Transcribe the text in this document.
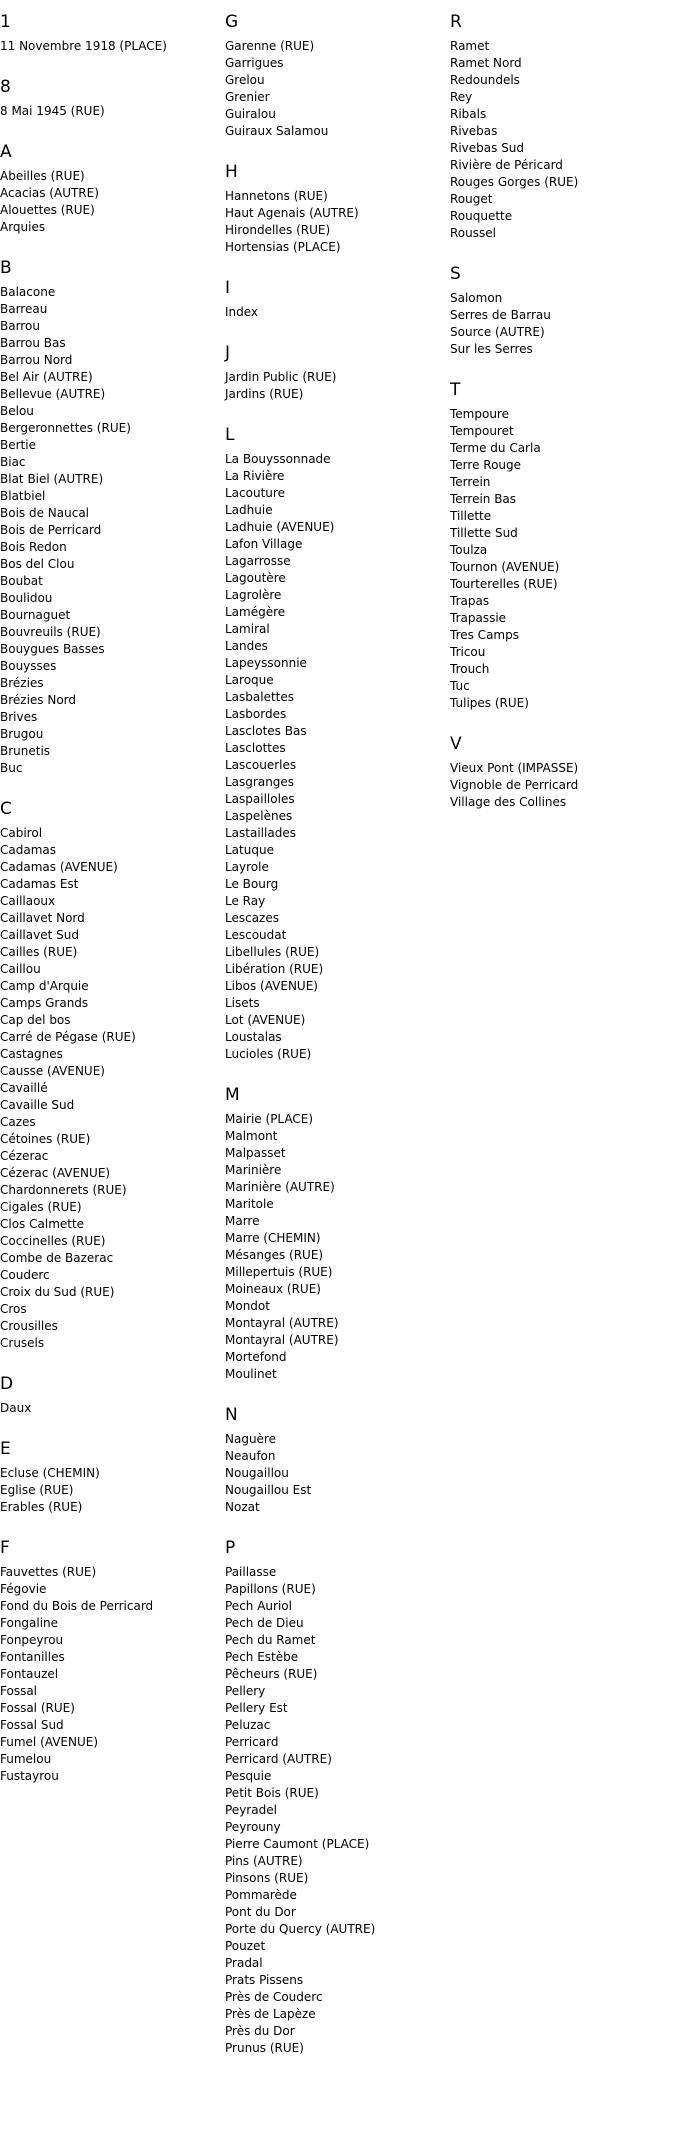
1
11 Novembre 1918 (PLACE)
8
8 Mai 1945 (RUE)
A
Abeilles (RUE)
Acacias (AUTRE)
Alouettes (RUE)
Arquies
B
Balacone
Barreau
Barrou
Barrou Bas
Barrou Nord
Bel Air (AUTRE)
Bellevue (AUTRE)
Belou
Bergeronnettes (RUE)
Bertie
Biac
Blat Biel (AUTRE)
Blatbiel
Bois de Naucal
Bois de Perricard
Bois Redon
Bos del Clou
Boubat
Boulidou
Bournaguet
Bouvreuils (RUE)
Bouygues Basses
Bouysses
Brézies
Brézies Nord
Brives
Brugou
Brunetis
Buc
C
Cabirol
Cadamas
Cadamas (AVENUE)
Cadamas Est
Caillaoux
Caillavet Nord
Caillavet Sud
Cailles (RUE)
Caillou
Camp d'Arquie
Camps Grands
Cap del bos
Carré de Pégase (RUE)
Castagnes
Causse (AVENUE)
Cavaillé
Cavaille Sud
Cazes
Cétoines (RUE)
Cézerac
Cézerac (AVENUE)
Chardonnerets (RUE)
Cigales (RUE)
Clos Calmette
Coccinelles (RUE)
Combe de Bazerac
Couderc
Croix du Sud (RUE)
Cros
Crousilles
Crusels
D
Daux
E
Ecluse (CHEMIN)
Eglise (RUE)
Erables (RUE)
F
Fauvettes (RUE)
Fégovie
Fond du Bois de Perricard
Fongaline
Fonpeyrou
Fontanilles
Fontauzel
Fossal
Fossal (RUE)
Fossal Sud
Fumel (AVENUE)
Fumelou
Fustayrou
G
Garenne (RUE)
Garrigues
Grelou
Grenier
Guiralou
Guiraux Salamou
H
Hannetons (RUE)
Haut Agenais (AUTRE)
Hirondelles (RUE)
Hortensias (PLACE)
I
Index
J
Jardin Public (RUE)
Jardins (RUE)
L
La Bouyssonnade
La Rivière
Lacouture
Ladhuie
Ladhuie (AVENUE)
Lafon Village
Lagarrosse
Lagoutère
Lagrolère
Lamégère
Lamiral
Landes
Lapeyssonnie
Laroque
Lasbalettes
Lasbordes
Lasclotes Bas
Lasclottes
Lascouerles
Lasgranges
Laspailloles
Laspelènes
Lastaillades
Latuque
Layrole
Le Bourg
Le Ray
Lescazes
Lescoudat
Libellules (RUE)
Libération (RUE)
Libos (AVENUE)
Lisets
Lot (AVENUE)
Loustalas
Lucioles (RUE)
M
Mairie (PLACE)
Malmont
Malpasset
Marinière
Marinière (AUTRE)
Maritole
Marre
Marre (CHEMIN)
Mésanges (RUE)
Millepertuis (RUE)
Moineaux (RUE)
Mondot
Montayral (AUTRE)
Montayral (AUTRE)
Mortefond
Moulinet
N
Naguère
Neaufon
Nougaillou
Nougaillou Est
Nozat
P
Paillasse
Papillons (RUE)
Pech Auriol
Pech de Dieu
Pech du Ramet
Pech Estèbe
Pêcheurs (RUE)
Pellery
Pellery Est
Peluzac
Perricard
Perricard (AUTRE)
Pesquie
Petit Bois (RUE)
Peyradel
Peyrouny
Pierre Caumont (PLACE)
Pins (AUTRE)
Pinsons (RUE)
Pommarède
Pont du Dor
Porte du Quercy (AUTRE)
Pouzet
Pradal
Prats Pissens
Près de Couderc
Près de Lapèze
Près du Dor
Prunus (RUE)
R
Ramet
Ramet Nord
Redoundels
Rey
Ribals
Rivebas
Rivebas Sud
Rivière de Péricard
Rouges Gorges (RUE)
Rouget
Rouquette
Roussel
S
Salomon
Serres de Barrau
Source (AUTRE)
Sur les Serres
T
Tempoure
Tempouret
Terme du Carla
Terre Rouge
Terrein
Terrein Bas
Tillette
Tillette Sud
Toulza
Tournon (AVENUE)
Tourterelles (RUE)
Trapas
Trapassie
Tres Camps
Tricou
Trouch
Tuc
Tulipes (RUE)
V
Vieux Pont (IMPASSE)
Vignoble de Perricard
Village des Collines
